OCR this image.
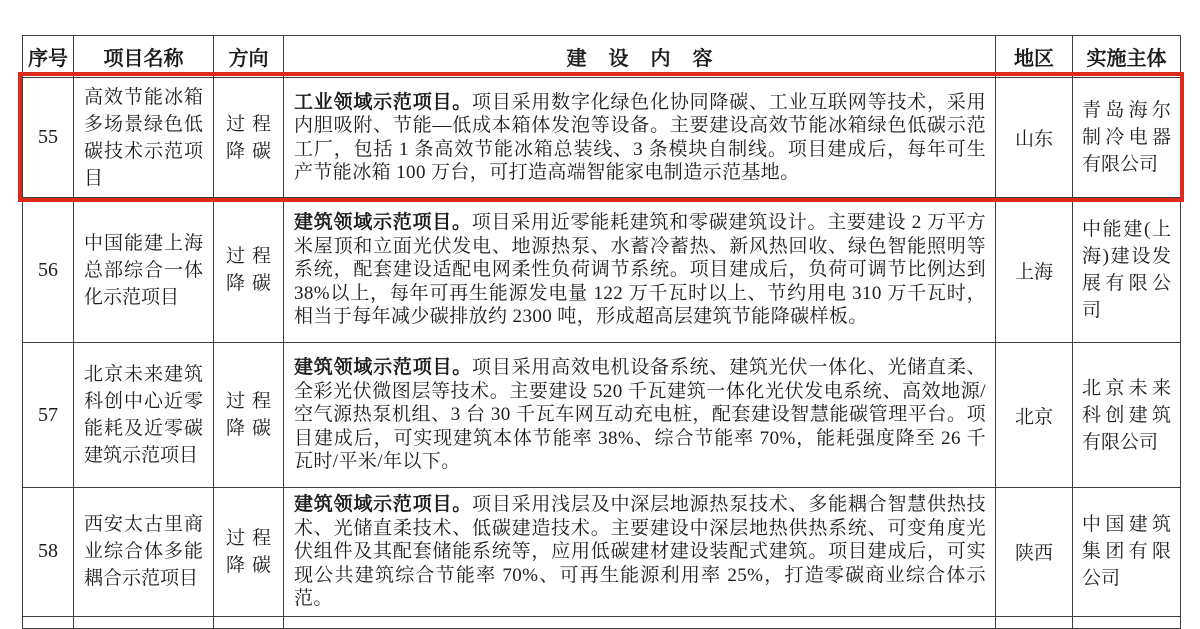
序号	项目名称	方向	建设内容	地区	实施主体
55	高效节能冰箱多场景绿色低碳技术示范项目	过程降碳	工业领域示范项目。项目采用数字化绿色化协同降碳、工业互联网等技术，采用内胆吸附、节能—低成本箱体发泡等设备。主要建设高效节能冰箱绿色低碳示范工厂，包括 1 条高效节能冰箱总装线、3 条模块自制线。项目建成后，每年可生产节能冰箱 100 万台，可打造高端智能家电制造示范基地。	山东	青岛海尔制冷电器有限公司
56	中国能建上海总部综合一体化示范项目	过程降碳	建筑领域示范项目。项目采用近零能耗建筑和零碳建筑设计。主要建设 2 万平方米屋顶和立面光伏发电、地源热泵、水蓄冷蓄热、新风热回收、绿色智能照明等系统，配套建设适配电网柔性负荷调节系统。项目建成后，负荷可调节比例达到 38%以上，每年可再生能源发电量 122 万千瓦时以上、节约用电 310 万千瓦时，相当于每年减少碳排放约 2300 吨，形成超高层建筑节能降碳样板。	上海	中能建(上海)建设发展有限公司
57	北京未来建筑科创中心近零能耗及近零碳建筑示范项目	过程降碳	建筑领域示范项目。项目采用高效电机设备系统、建筑光伏一体化、光储直柔、全彩光伏微图层等技术。主要建设 520 千瓦建筑一体化光伏发电系统、高效地源/空气源热泵机组、3 台 30 千瓦车网互动充电桩，配套建设智慧能碳管理平台。项目建成后，可实现建筑本体节能率 38%、综合节能率 70%，能耗强度降至 26 千瓦时/平米/年以下。	北京	北京未来科创建筑有限公司
58	西安太古里商业综合体多能耦合示范项目	过程降碳	建筑领域示范项目。项目采用浅层及中深层地源热泵技术、多能耦合智慧供热技术、光储直柔技术、低碳建造技术。主要建设中深层地热供热系统、可变角度光伏组件及其配套储能系统等，应用低碳建材建设装配式建筑。项目建成后，可实现公共建筑综合节能率 70%、可再生能源利用率 25%，打造零碳商业综合体示范。	陕西	中国建筑集团有限公司
